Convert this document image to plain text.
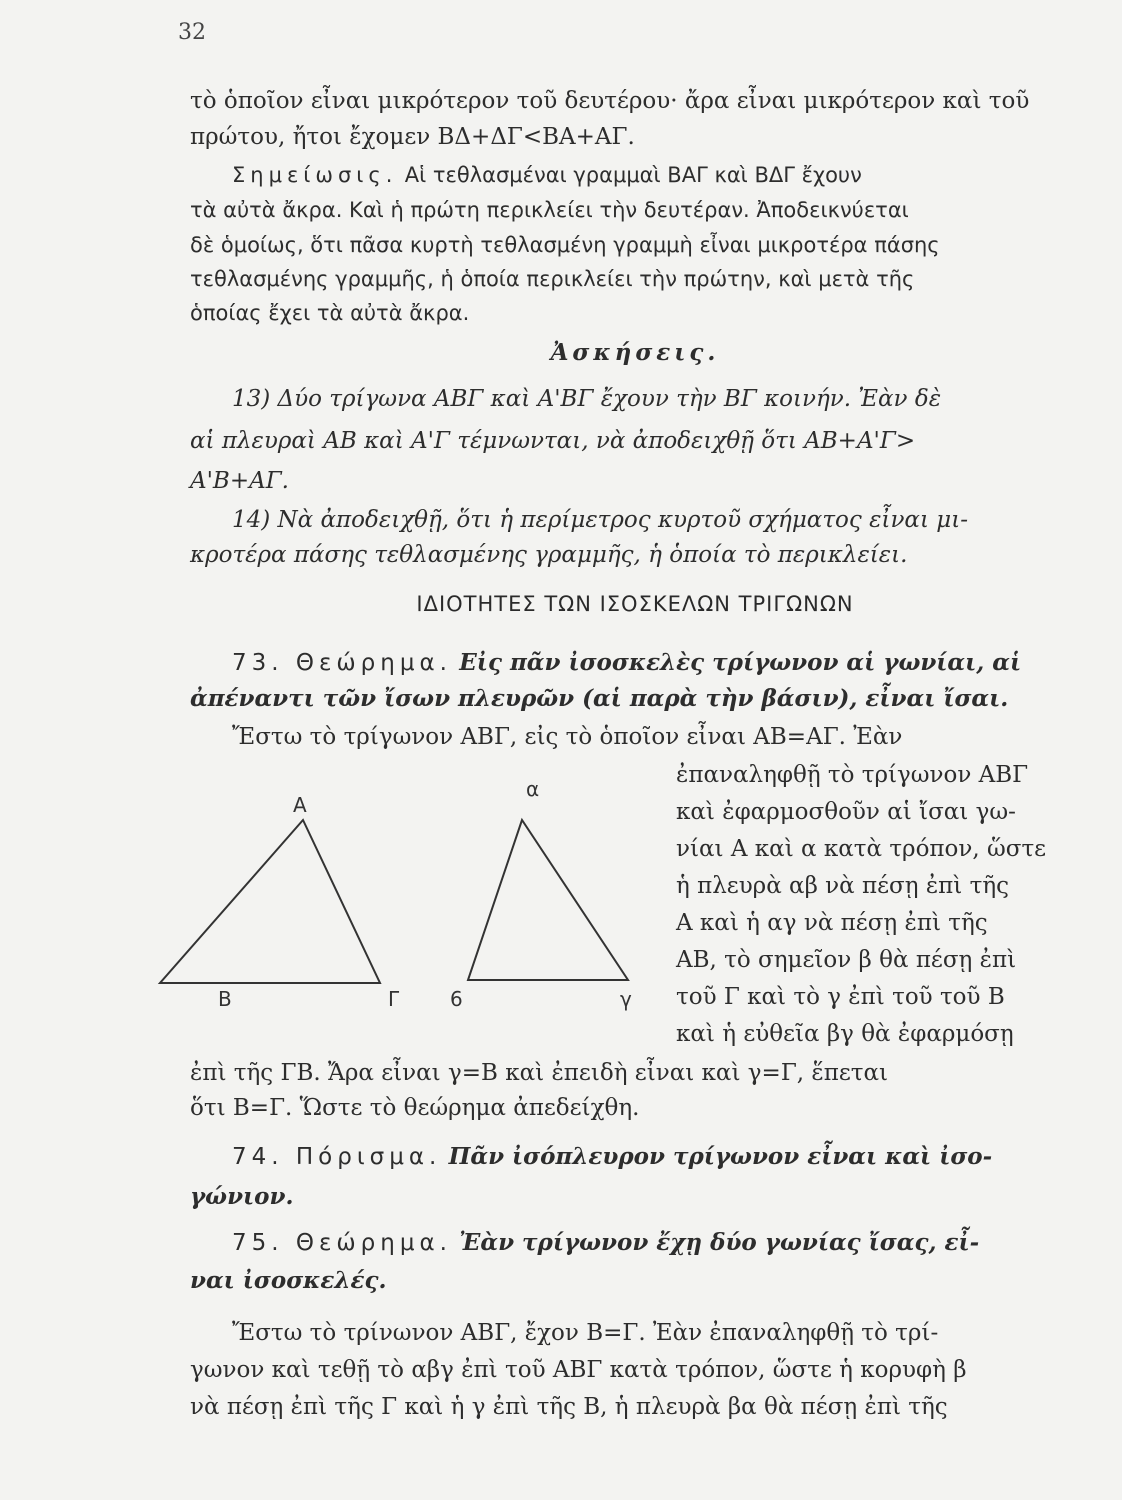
32
τὸ ὁποῖον εἶναι μικρότερον τοῦ δευτέρου· ἄρα εἶναι μικρότερον καὶ τοῦ
πρώτου, ἤτοι ἔχομεν ΒΔ+ΔΓ<ΒΑ+ΑΓ.
Σημείωσις. Αἱ τεθλασμέναι γραμμαὶ ΒΑΓ καὶ ΒΔΓ ἔχουν
τὰ αὐτὰ ἄκρα. Καὶ ἡ πρώτη περικλείει τὴν δευτέραν. Ἀποδεικνύεται
δὲ ὁμοίως, ὅτι πᾶσα κυρτὴ τεθλασμένη γραμμὴ εἶναι μικροτέρα πάσης
τεθλασμένης γραμμῆς, ἡ ὁποία περικλείει τὴν πρώτην, καὶ μετὰ τῆς
ὁποίας ἔχει τὰ αὐτὰ ἄκρα.
Ἀσκήσεις.
13) Δύο τρίγωνα ΑΒΓ καὶ Α'ΒΓ ἔχουν τὴν ΒΓ κοινήν. Ἐὰν δὲ
αἱ πλευραὶ ΑΒ καὶ Α'Γ τέμνωνται, νὰ ἀποδειχθῇ ὅτι ΑΒ+Α'Γ>
Α'Β+ΑΓ.
14) Νὰ ἀποδειχθῇ, ὅτι ἡ περίμετρος κυρτοῦ σχήματος εἶναι μι-
κροτέρα πάσης τεθλασμένης γραμμῆς, ἡ ὁποία τὸ περικλείει.
ΙΔΙΟΤΗΤΕΣ ΤΩΝ ΙΣΟΣΚΕΛΩΝ ΤΡΙΓΩΝΩΝ
73. Θεώρημα. Εἰς πᾶν ἰσοσκελὲς τρίγωνον αἱ γωνίαι, αἱ
ἀπέναντι τῶν ἴσων πλευρῶν (αἱ παρὰ τὴν βάσιν), εἶναι ἴσαι.
Ἔστω τὸ τρίγωνον ΑΒΓ, εἰς τὸ ὁποῖον εἶναι ΑΒ=ΑΓ. Ἐὰν
ἐπαναληφθῇ τὸ τρίγωνον ΑΒΓ
καὶ ἐφαρμοσθοῦν αἱ ἴσαι γω-
νίαι Α καὶ α κατὰ τρόπον, ὥστε
ἡ πλευρὰ αβ νὰ πέσῃ ἐπὶ τῆς
Α καὶ ἡ αγ νὰ πέσῃ ἐπὶ τῆς
ΑΒ, τὸ σημεῖον β θὰ πέσῃ ἐπὶ
τοῦ Γ καὶ τὸ γ ἐπὶ τοῦ τοῦ Β
καὶ ἡ εὐθεῖα βγ θὰ ἐφαρμόσῃ
Α
Β	Γ
α
6	γ
ἐπὶ τῆς ΓΒ. Ἄρα εἶναι γ=Β καὶ ἐπειδὴ εἶναι καὶ γ=Γ, ἕπεται
ὅτι Β=Γ. Ὥστε τὸ θεώρημα ἀπεδείχθη.
74. Πόρισμα. Πᾶν ἰσόπλευρον τρίγωνον εἶναι καὶ ἰσο-
γώνιον.
75. Θεώρημα. Ἐὰν τρίγωνον ἔχῃ δύο γωνίας ἴσας, εἶ-
ναι ἰσοσκελές.
Ἔστω τὸ τρίνωνον ΑΒΓ, ἔχον Β=Γ. Ἐὰν ἐπαναληφθῇ τὸ τρί-
γωνον καὶ τεθῇ τὸ αβγ ἐπὶ τοῦ ΑΒΓ κατὰ τρόπον, ὥστε ἡ κορυφὴ β
νὰ πέσῃ ἐπὶ τῆς Γ καὶ ἡ γ ἐπὶ τῆς Β, ἡ πλευρὰ βα θὰ πέσῃ ἐπὶ τῆς
